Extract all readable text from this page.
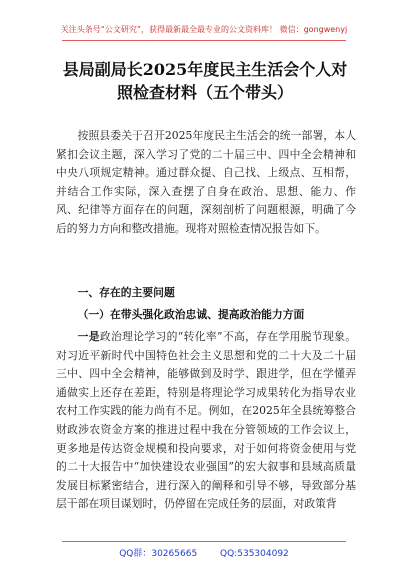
关注头条号“公文研究”，获得最新最全最专业的公文资料库！ 微信：gongwenyj
县局副局长2025年度民主生活会个人对照检查材料（五个带头）
按照县委关于召开2025年度民主生活会的统一部署，本人紧扣会议主题，深入学习了党的二十届三中、四中全会精神和中央八项规定精神。通过群众提、自己找、上级点、互相帮，并结合工作实际，深入查摆了自身在政治、思想、能力、作风、纪律等方面存在的问题，深刻剖析了问题根源，明确了今后的努力方向和整改措施。现将对照检查情况报告如下。
一、存在的主要问题
（一）在带头强化政治忠诚、提高政治能力方面
一是政治理论学习的“转化率”不高，存在学用脱节现象。对习近平新时代中国特色社会主义思想和党的二十大及二十届三中、四中全会精神，能够做到及时学、跟进学，但在学懂弄通做实上还存在差距，特别是将理论学习成果转化为指导农业农村工作实践的能力尚有不足。例如，在2025年全县统筹整合财政涉农资金方案的推进过程中我在分管领域的工作会议上，更多地是传达资金规模和投向要求，对于如何将资金使用与党的二十大报告中“加快建设农业强国”的宏大叙事和县域高质量发展目标紧密结合，进行深入的阐释和引导不够，导致部分基层干部在项目谋划时，仍停留在完成任务的层面，对政策背
QQ群：30265665	QQ:535304092
